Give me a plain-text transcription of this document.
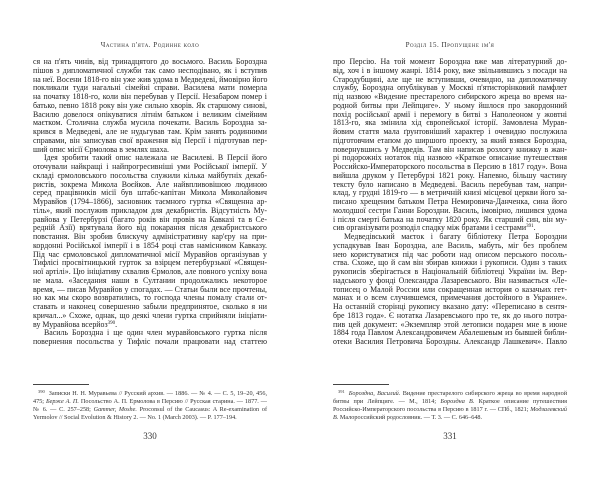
Частина п'ята. Родинне коло
ся на п'ять чинів, від тринадцятого до восьмого. Василь Бороздна
пішов з дипломатичної служби так само несподівано, як і вступив
на неї. Восени 1818-го він уже жив удома в Медведеві, ймовірно його
покликали туди нагальні сімейні справи. Василева мати померла
на початку 1818-го, коли він перебував у Персії. Незабаром помер і
батько, певно 1818 року він уже сильно хворів. Як старшому синові,
Василю довелося опікуватися літнім батьком і великим сімейним
маєтком. Столична служба мусила почекати. Василь Бороздна за-
крився в Медведеві, але не нудьгував там. Крім занять родинними
справами, він записував свої враження від Персії і підготував пер-
ший опис місії Єрмолова в землях шаха.
Ідея зробити такий опис належала не Василеві. В Персії його
оточували найкращі і найпрогресивніші уми Російської імперії. У
складі єрмоловського посольства служили кілька майбутніх декаб-
ристів, зокрема Микола Воєйков. Але найвпливовішою людиною
серед працівників місії був штабс-капітан Микола Миколайович
Муравйов (1794–1866), засновник таємного гуртка «Священна ар-
тіль», який послужив прикладом для декабристів. Відсутність Му-
равйова у Петербурзі (багато років він провів на Кавказі та в Се-
редній Азії) врятувала його від покарання після декабристського
повстання. Він зробив блискучу адміністративну кар'єру на при-
кордонні Російської імперії і в 1854 році став намісником Кавказу.
Під час єрмоловської дипломатичної місії Муравйов організував у
Тифлісі просвітницький гурток за взірцем петербурзької «Священ-
ної артілі». Цю ініціативу схвалив Єрмолов, але повного успіху вона
не мала. «Заседания наши в Султании продолжались некоторое
время, — писав Муравйов у спогадах. — Статьи были все прочтены,
но как мы скоро возвратились, то господа члены помалу стали от-
ставать и наконец совершенно забыли предпринятое, сколько я ни
кричал...» Схоже, однак, що деякі члени гуртка сприйняли ініціати-
ву Муравйова всерйоз$^{390}$.
Василь Бороздна і ще один член муравйовського гуртка після
повернення посольства у Тифліс почали працювати над статтею
$^{390}$ Записки Н. Н. Муравьева // Русский архив. — 1886. — № 4. — С. 5, 19–20, 456, 475; Берже А. П. Посольство А. П. Ермолова в Персию // Русская старина. — 1877. — № 6. — С. 257–258; Gammer, Moshe. Proconsul of the Caucasus: A Re-examination of Yermolov // Social Evolution & History 2. — No. 1 (March 2003). — P. 177–194.
330
Розділ 15. Пропущене ім'я
про Персію. На той момент Бороздна вже мав літературний до-
від, хоч і в іншому жанрі. 1814 року, вже звільнившись з посади на
Стародубщині, але ще не вступивши, очевидно, на дипломатичну
службу, Бороздна опублікував у Москві п'ятисторінковий памфлет
під назвою «Видение престарелого сибирского жреца во время на-
родной битвы при Лейпциге». У ньому йшлося про закордонний
похід російської армії і перемогу в битві з Наполеоном у жовтні
1813-го, яка змінила хід європейської історії. Замовлена Мурав-
йовим стаття мала ґрунтовніший характер і очевидно послужила
підготовчим етапом до ширшого проекту, за який взявся Бороздна,
повернувшись у Медведів. Там він написав розлогу книжку в жан-
рі подорожніх нотаток під назвою «Краткое описание путешествия
Российско-Императорского посольства в Персию в 1817 году». Вона
вийшла друком у Петербурзі 1821 року. Напевно, більшу частину
тексту було написано в Медведеві. Василь перебував там, напри-
клад, у грудні 1819-го — в метричній книзі місцевої церкви його за-
писано хрещеним батьком Петра Немировича-Данченка, сина його
молодшої сестри Ганни Бороздни. Василь, імовірно, лишився удома
і після смерті батька на початку 1820 року. Як старший син, він му-
сив організувати розподіл спадку між братами і сестрами$^{391}$.
Медведівський маєток і багату бібліотеку Петра Бороздни
успадкував Іван Бороздна, але Василь, мабуть, міг без проблем
нею користуватися під час роботи над описом перського посоль-
ства. Схоже, що й сам він збирав книжки і рукописи. Один з таких
рукописів зберігається в Національній бібліотеці України ім. Вер-
надського у фонді Олександра Лазаревського. Він називається «Ле-
тописец о Малой России или сокращенная история о казачьих гет-
манах и о всем случившемся, примечания достойного в Украине».
На останній сторінці рукопису вказано дату: «Переписано в сентя-
бре 1813 года». Є нотатка Лазаревського про те, як до нього потра-
пив цей документ: «Экземпляр этой летописи подарен мне в июне
1884 года Павлом Александровичем Абалешевым из бывшей библи-
отеки Василия Петровича Бороздны. Александр Лашкевич». Павло
$^{391}$ Бороздна, Василий. Видение престарелого сибирского жреца во время народной битвы при Лейпциге. — М., 1814; Бороздна В. Краткое описание путешествия Российско-Императорского посольства в Персию в 1817 г. — СПб., 1821; Модзалевский В. Малороссийский родословник. — Т. 3. — С. 646–648.
331
